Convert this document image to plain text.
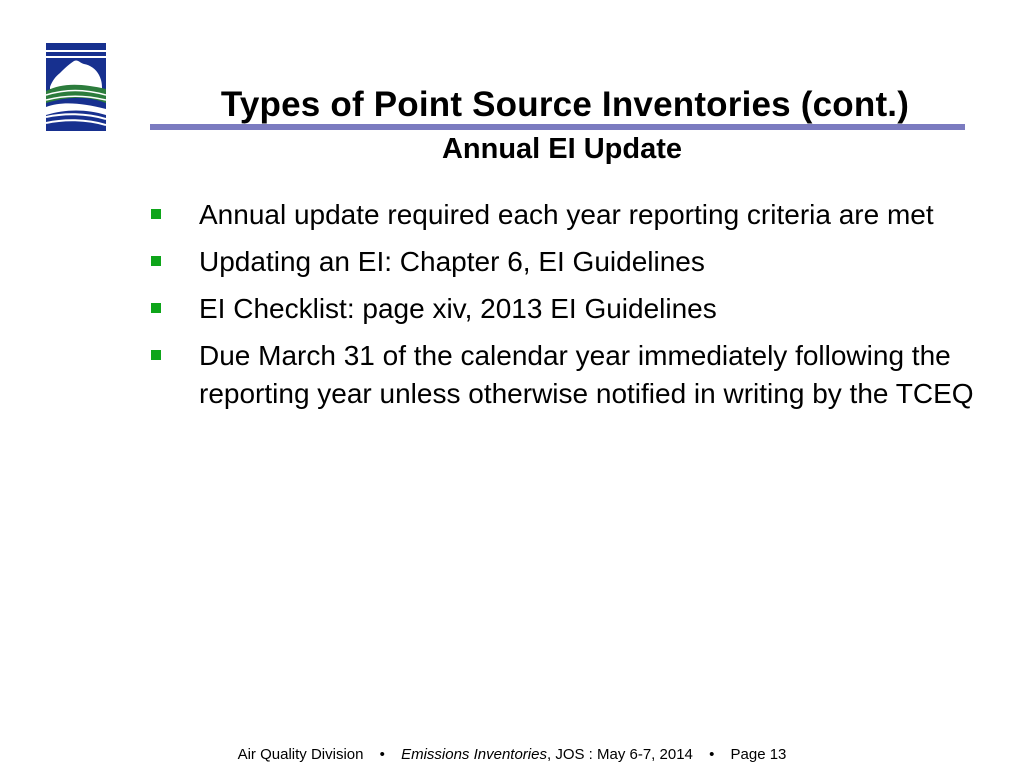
Types of Point Source Inventories (cont.)
Annual EI Update
Annual update required each year reporting criteria are met
Updating an EI: Chapter 6, EI Guidelines
EI Checklist: page xiv, 2013 EI Guidelines
Due March 31 of the calendar year immediately following the reporting year unless otherwise notified in writing by the TCEQ
Air Quality Division • Emissions Inventories, JOS : May 6-7, 2014 • Page 13
